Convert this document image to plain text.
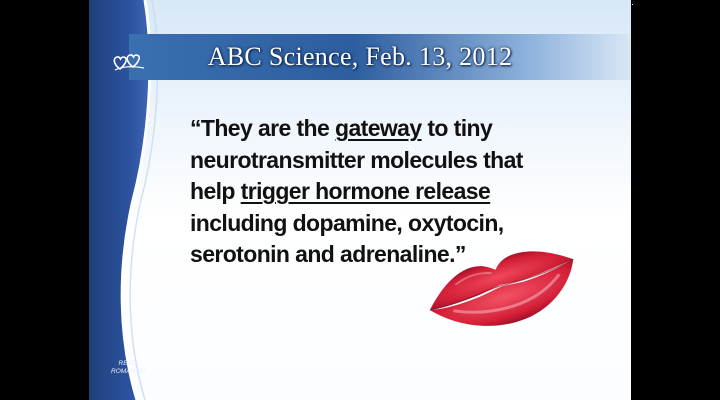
ABC Science, Feb. 13, 2012
REAL
ROMANCE!
“They are the gateway to tiny neurotransmitter molecules that help trigger hormone release including dopamine, oxytocin, serotonin and adrenaline.”
